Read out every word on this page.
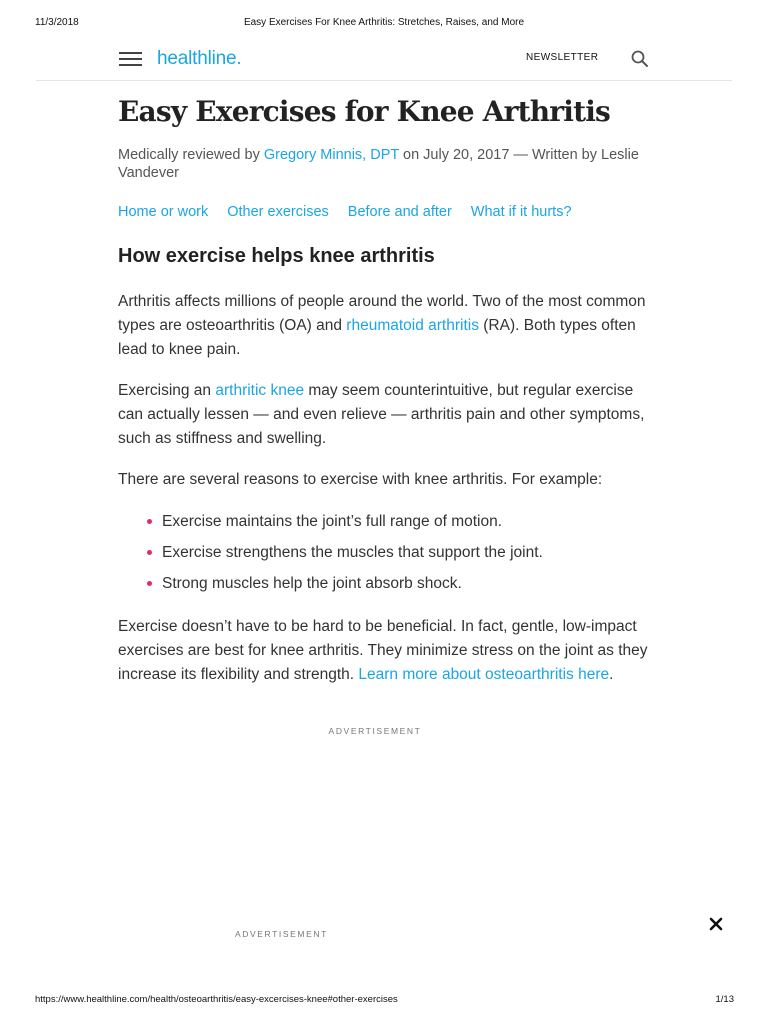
11/3/2018	Easy Exercises For Knee Arthritis: Stretches, Raises, and More
healthline.	NEWSLETTER
Easy Exercises for Knee Arthritis
Medically reviewed by Gregory Minnis, DPT on July 20, 2017 — Written by Leslie Vandever
Home or work Other exercises Before and after What if it hurts?
How exercise helps knee arthritis

Arthritis affects millions of people around the world. Two of the most common types are osteoarthritis (OA) and rheumatoid arthritis (RA). Both types often lead to knee pain.

Exercising an arthritic knee may seem counterintuitive, but regular exercise can actually lessen — and even relieve — arthritis pain and other symptoms, such as stiffness and swelling.

There are several reasons to exercise with knee arthritis. For example:

Exercise maintains the joint’s full range of motion.
Exercise strengthens the muscles that support the joint.
Strong muscles help the joint absorb shock.

Exercise doesn’t have to be hard to be beneficial. In fact, gentle, low-impact exercises are best for knee arthritis. They minimize stress on the joint as they increase its flexibility and strength. Learn more about osteoarthritis here.

ADVERTISEMENT
ADVERTISEMENT
https://www.healthline.com/health/osteoarthritis/easy-excercises-knee#other-exercises	1/13
